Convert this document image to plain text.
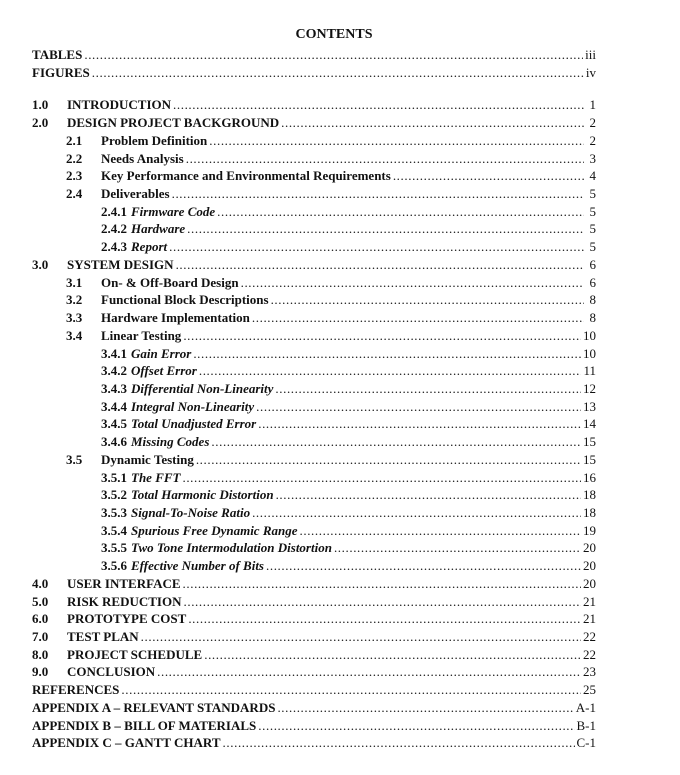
CONTENTS
TABLES .....	iii
FIGURES .....	iv
1.0	INTRODUCTION .....	1
2.0	DESIGN PROJECT BACKGROUND .....	2
2.1	Problem Definition .....	2
2.2	Needs Analysis .....	3
2.3	Key Performance and Environmental Requirements .....	4
2.4	Deliverables .....	5
2.4.1 Firmware Code .....	5
2.4.2 Hardware .....	5
2.4.3 Report .....	5
3.0	SYSTEM DESIGN .....	6
3.1	On- & Off-Board Design .....	6
3.2	Functional Block Descriptions .....	8
3.3	Hardware Implementation .....	8
3.4	Linear Testing .....	10
3.4.1 Gain Error .....	10
3.4.2 Offset Error .....	11
3.4.3 Differential Non-Linearity .....	12
3.4.4 Integral Non-Linearity .....	13
3.4.5 Total Unadjusted Error .....	14
3.4.6 Missing Codes .....	15
3.5	Dynamic Testing .....	15
3.5.1 The FFT .....	16
3.5.2 Total Harmonic Distortion .....	18
3.5.3 Signal-To-Noise Ratio .....	18
3.5.4 Spurious Free Dynamic Range .....	19
3.5.5 Two Tone Intermodulation Distortion .....	20
3.5.6 Effective Number of Bits .....	20
4.0	USER INTERFACE .....	20
5.0	RISK REDUCTION .....	21
6.0	PROTOTYPE COST .....	21
7.0	TEST PLAN .....	22
8.0	PROJECT SCHEDULE .....	22
9.0	CONCLUSION .....	23
REFERENCES .....	25
APPENDIX A – RELEVANT STANDARDS .....	A-1
APPENDIX B – BILL OF MATERIALS .....	B-1
APPENDIX C – GANTT CHART .....	C-1
